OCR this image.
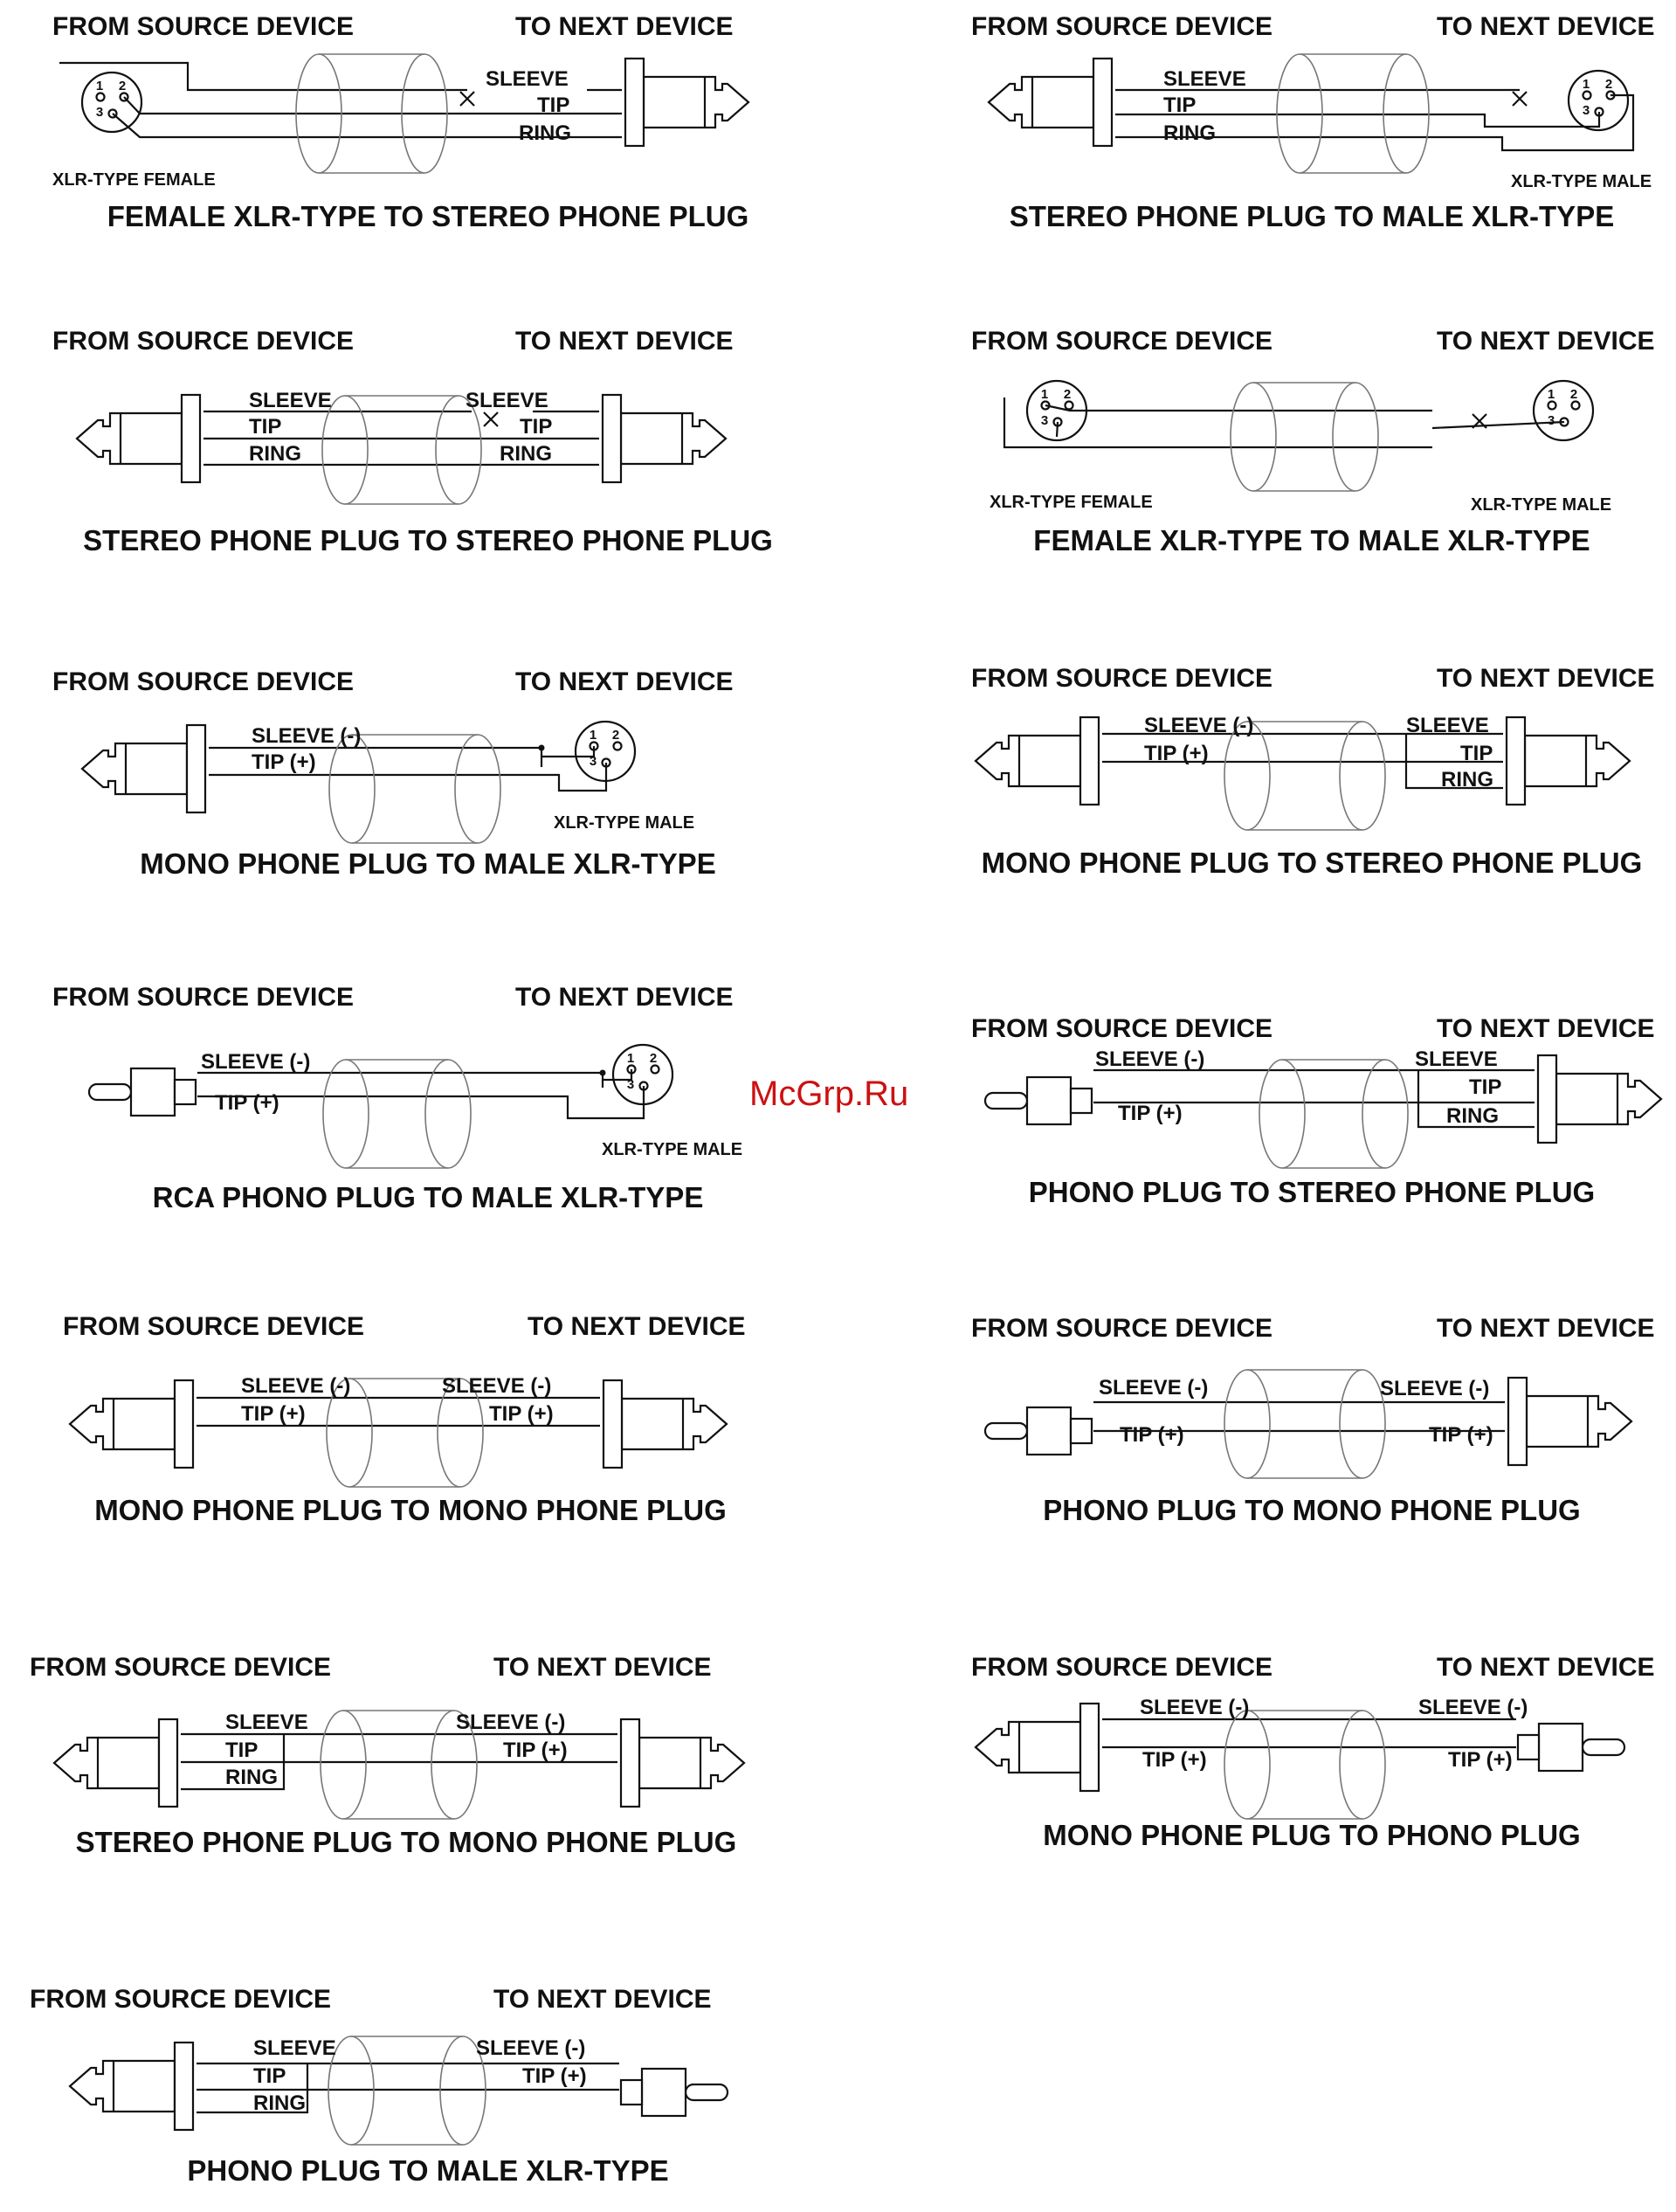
McGrp.Ru
FROM SOURCE DEVICE	TO NEXT DEVICE
FEMALE XLR-TYPE TO STEREO PHONE PLUG
1 2
3
XLR-TYPE FEMALE
SLEEVE
TIP
RING
FROM SOURCE DEVICE	TO NEXT DEVICE
STEREO PHONE PLUG TO MALE XLR-TYPE
1 2
3
SLEEVE
TIP
RING
XLR-TYPE MALE
FROM SOURCE DEVICE	TO NEXT DEVICE
STEREO PHONE PLUG TO STEREO PHONE PLUG
SLEEVE
TIP
RING
SLEEVE
TIP
RING
FROM SOURCE DEVICE	TO NEXT DEVICE
FEMALE XLR-TYPE TO MALE XLR-TYPE
1 2
3
1 2
3
XLR-TYPE FEMALE	XLR-TYPE MALE
FROM SOURCE DEVICE	TO NEXT DEVICE
MONO PHONE PLUG TO MALE XLR-TYPE
1 2
3
SLEEVE (-)
TIP (+)
XLR-TYPE MALE
FROM SOURCE DEVICE	TO NEXT DEVICE
MONO PHONE PLUG TO STEREO PHONE PLUG
SLEEVE (-)
TIP (+)
SLEEVE
TIP
RING
FROM SOURCE DEVICE	TO NEXT DEVICE
RCA PHONO PLUG TO MALE XLR-TYPE
1 2
3
SLEEVE (-)
TIP (+)
XLR-TYPE MALE
FROM SOURCE DEVICE	TO NEXT DEVICE
PHONO PLUG TO STEREO PHONE PLUG
SLEEVE (-)
TIP (+)
SLEEVE
TIP
RING
FROM SOURCE DEVICE	TO NEXT DEVICE
MONO PHONE PLUG TO MONO PHONE PLUG
SLEEVE (-)
TIP (+)
SLEEVE (-)
TIP (+)
FROM SOURCE DEVICE	TO NEXT DEVICE
PHONO PLUG TO MONO PHONE PLUG
SLEEVE (-)
TIP (+)
SLEEVE (-)
TIP (+)
FROM SOURCE DEVICE	TO NEXT DEVICE
STEREO PHONE PLUG TO MONO PHONE PLUG
SLEEVE
TIP
RING
SLEEVE (-)
TIP (+)
FROM SOURCE DEVICE	TO NEXT DEVICE
MONO PHONE PLUG TO PHONO PLUG
SLEEVE (-)
TIP (+)
SLEEVE (-)
TIP (+)
FROM SOURCE DEVICE	TO NEXT DEVICE
PHONO PLUG TO MALE XLR-TYPE
SLEEVE
TIP
RING
SLEEVE (-)
TIP (+)
